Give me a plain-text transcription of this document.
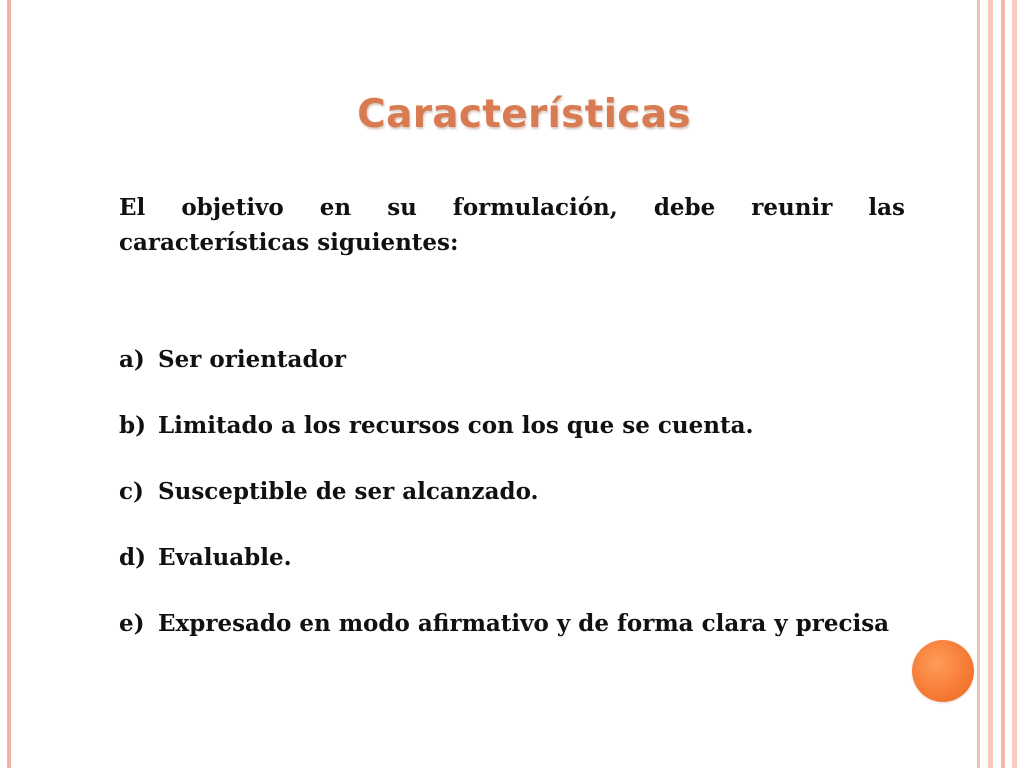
Características
El objetivo en su formulación, debe reunir las características siguientes:
a) Ser orientador
b) Limitado a los recursos con los que se cuenta.
c) Susceptible de ser alcanzado.
d) Evaluable.
e) Expresado en modo afirmativo y de forma clara y precisa
